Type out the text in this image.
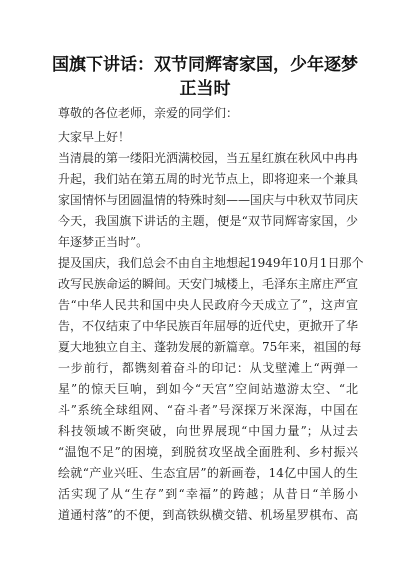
国旗下讲话：双节同辉寄家国，少年逐梦
正当时
尊敬的各位老师，亲爱的同学们：
大家早上好！
当清晨的第一缕阳光洒满校园，当五星红旗在秋风中冉冉
升起，我们站在第五周的时光节点上，即将迎来一个兼具
家国情怀与团圆温情的特殊时刻——国庆与中秋双节同庆
今天，我国旗下讲话的主题，便是“双节同辉寄家国，少
年逐梦正当时”。
提及国庆，我们总会不由自主地想起1949年10月1日那个
改写民族命运的瞬间。天安门城楼上，毛泽东主席庄严宣
告“中华人民共和国中央人民政府今天成立了”，这声宣
告，不仅结束了中华民族百年屈辱的近代史，更掀开了华
夏大地独立自主、蓬勃发展的新篇章。75年来，祖国的每
一步前行，都镌刻着奋斗的印记：从戈壁滩上“两弹一
星”的惊天巨响，到如今“天宫”空间站遨游太空、“北
斗”系统全球组网、“奋斗者”号深探万米深海，中国在
科技领域不断突破，向世界展现“中国力量”；从过去
“温饱不足”的困境，到脱贫攻坚战全面胜利、乡村振兴
绘就“产业兴旺、生态宜居”的新画卷，14亿中国人的生
活实现了从“生存”到“幸福”的跨越；从昔日“羊肠小
道通村落”的不便，到高铁纵横交错、机场星罗棋布、高
